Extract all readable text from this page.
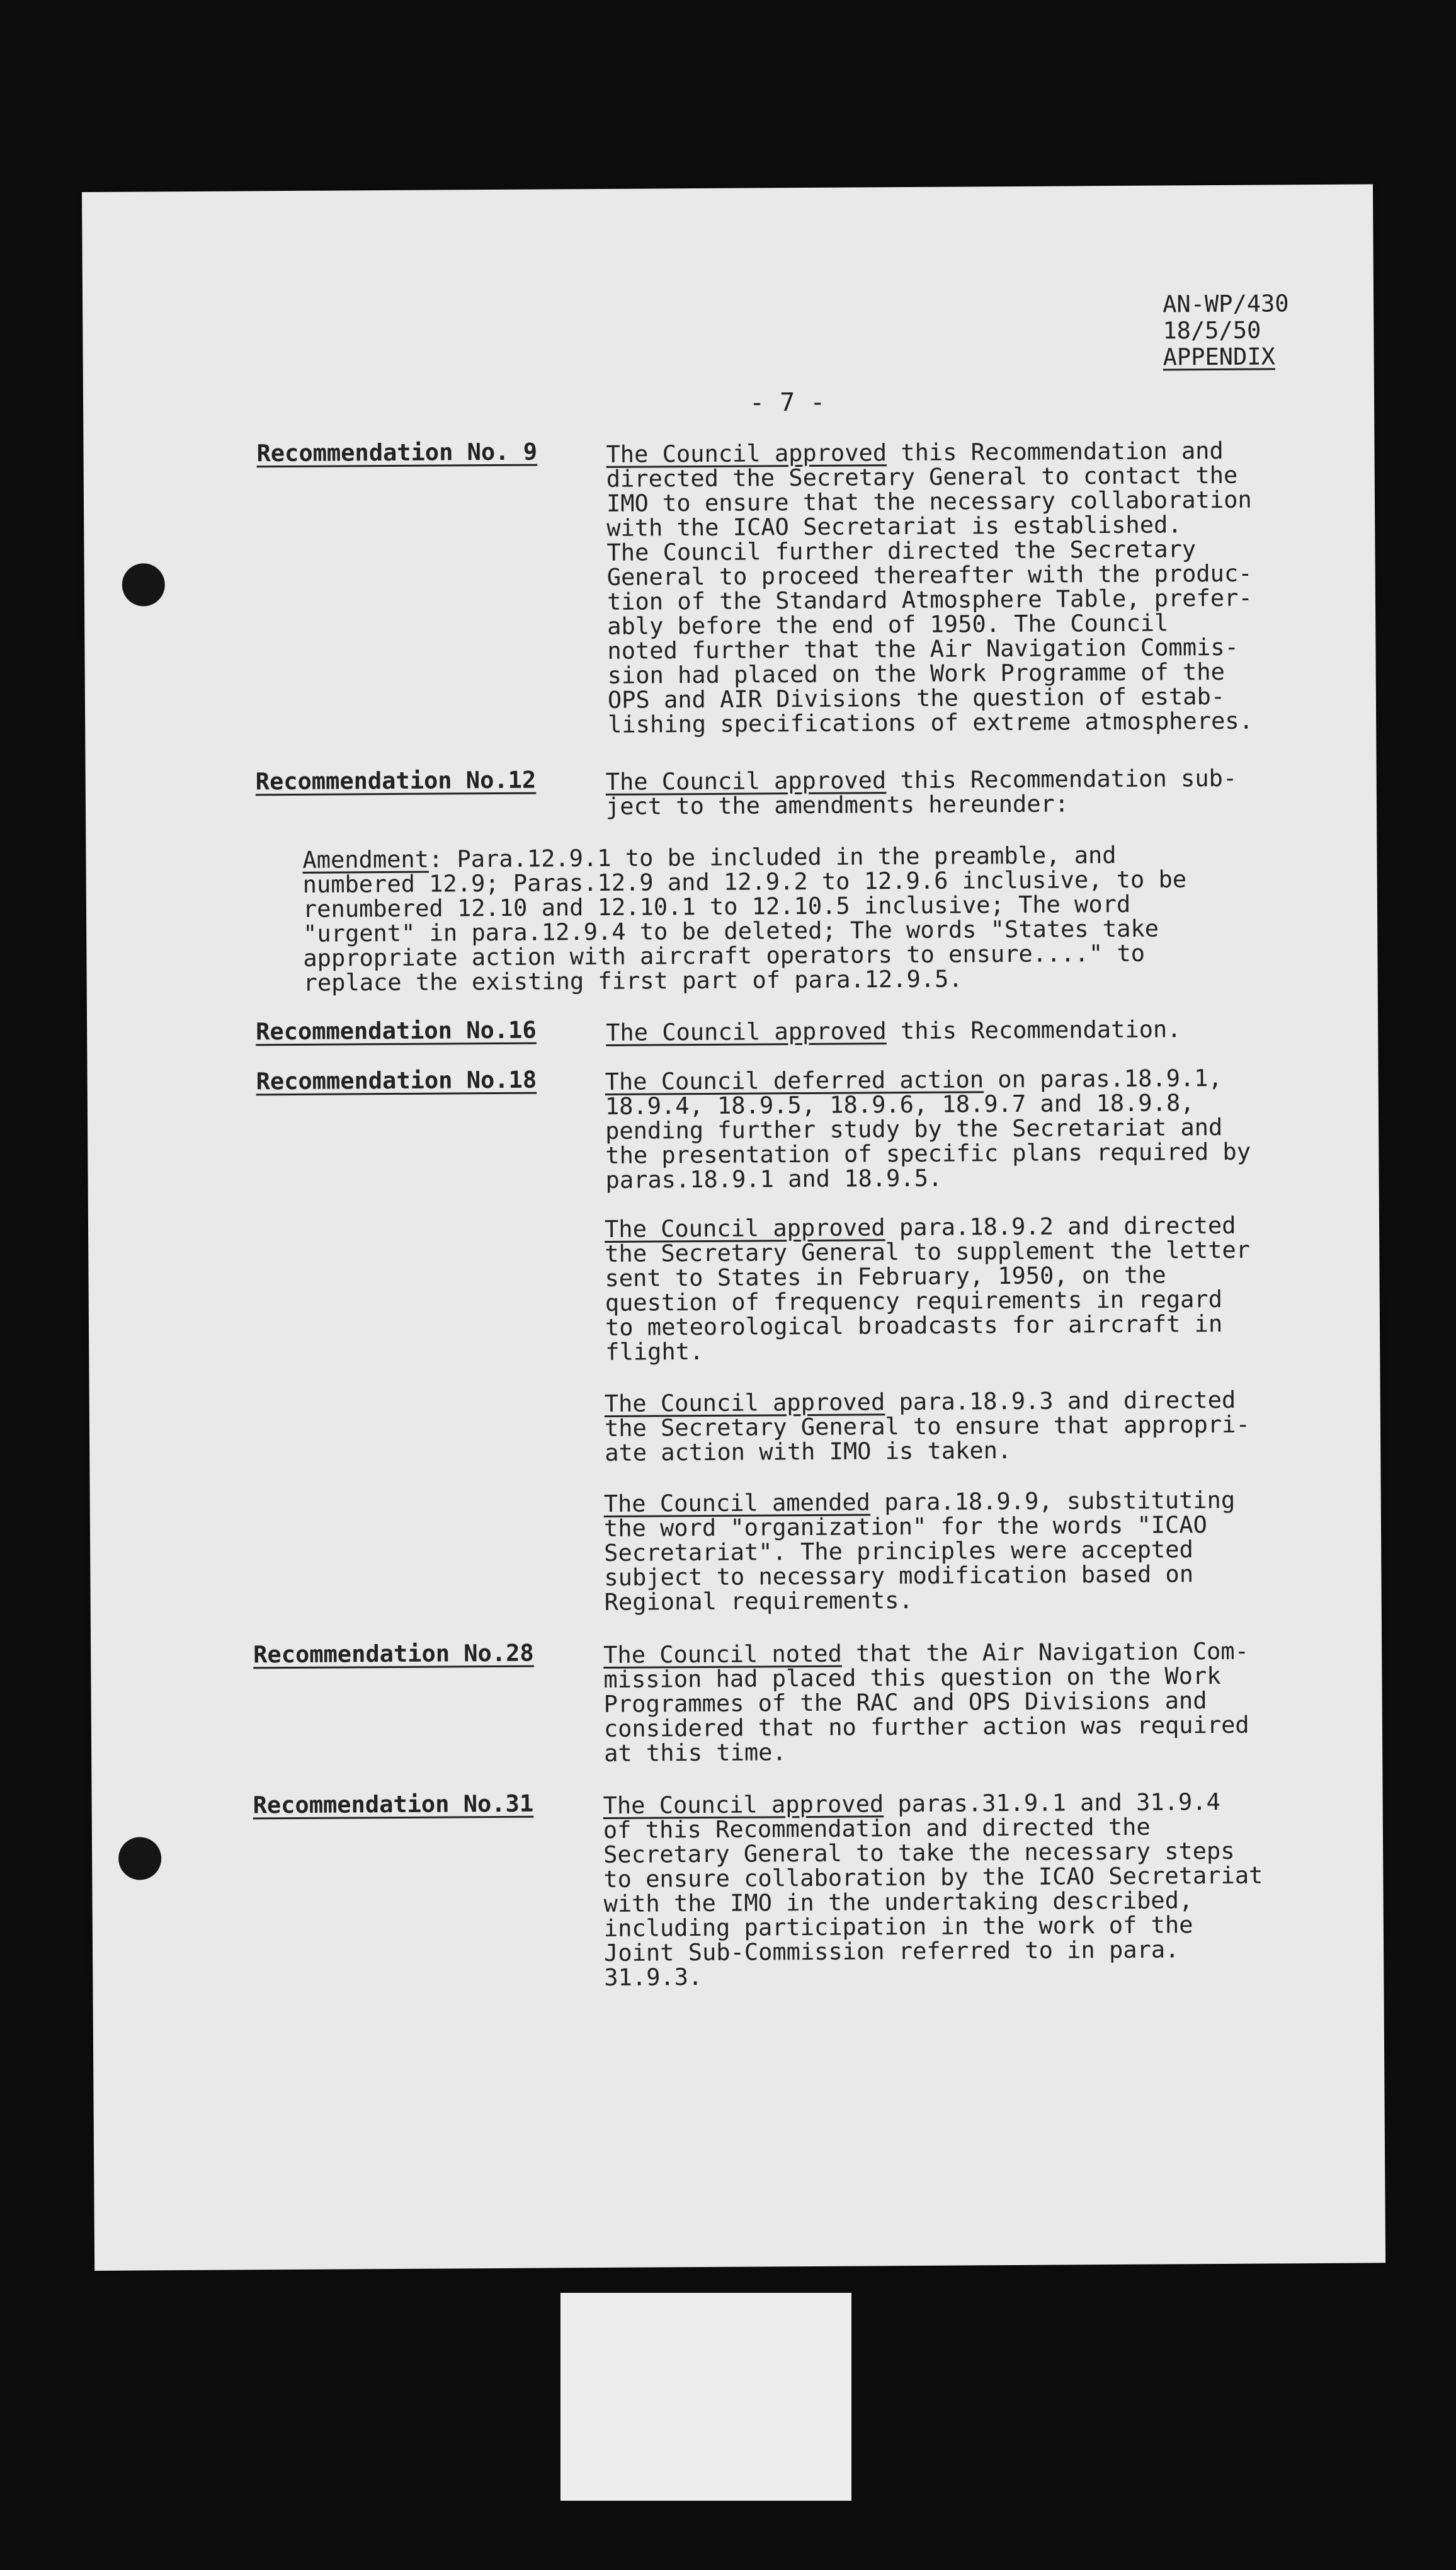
AN-WP/430
18/5/50
APPENDIX
- 7 -
Recommendation No. 9	The Council approved this Recommendation and
directed the Secretary General to contact the
IMO to ensure that the necessary collaboration
with the ICAO Secretariat is established.
The Council further directed the Secretary
General to proceed thereafter with the produc-
tion of the Standard Atmosphere Table, prefer-
ably before the end of 1950. The Council
noted further that the Air Navigation Commis-
sion had placed on the Work Programme of the
OPS and AIR Divisions the question of estab-
lishing specifications of extreme atmospheres.
Recommendation No.12	The Council approved this Recommendation sub-
ject to the amendments hereunder:
Amendment: Para.12.9.1 to be included in the preamble, and
numbered 12.9; Paras.12.9 and 12.9.2 to 12.9.6 inclusive, to be
renumbered 12.10 and 12.10.1 to 12.10.5 inclusive; The word
"urgent" in para.12.9.4 to be deleted; The words "States take
appropriate action with aircraft operators to ensure...." to
replace the existing first part of para.12.9.5.
Recommendation No.16	The Council approved this Recommendation.
Recommendation No.18	The Council deferred action on paras.18.9.1,
18.9.4, 18.9.5, 18.9.6, 18.9.7 and 18.9.8,
pending further study by the Secretariat and
the presentation of specific plans required by
paras.18.9.1 and 18.9.5.
The Council approved para.18.9.2 and directed
the Secretary General to supplement the letter
sent to States in February, 1950, on the
question of frequency requirements in regard
to meteorological broadcasts for aircraft in
flight.
The Council approved para.18.9.3 and directed
the Secretary General to ensure that appropri-
ate action with IMO is taken.
The Council amended para.18.9.9, substituting
the word "organization" for the words "ICAO
Secretariat". The principles were accepted
subject to necessary modification based on
Regional requirements.
Recommendation No.28	The Council noted that the Air Navigation Com-
mission had placed this question on the Work
Programmes of the RAC and OPS Divisions and
considered that no further action was required
at this time.
Recommendation No.31	The Council approved paras.31.9.1 and 31.9.4
of this Recommendation and directed the
Secretary General to take the necessary steps
to ensure collaboration by the ICAO Secretariat
with the IMO in the undertaking described,
including participation in the work of the
Joint Sub-Commission referred to in para.
31.9.3.
